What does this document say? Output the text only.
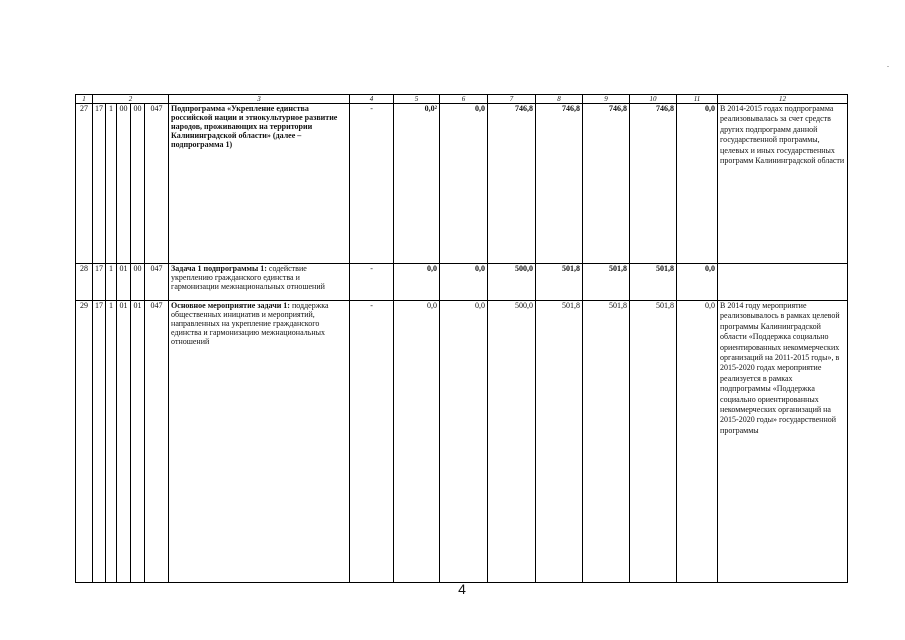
1	2					3	4	5	6	7	8	9	10	11	12
27	17	1	00	00	047	Подпрограмма «Укрепление единства российской нации и этнокультурное развитие народов, проживающих на территории Калининградской области» (далее – подпрограмма 1)	-	0,0²	0,0	746,8	746,8	746,8	746,8	0,0	В 2014-2015 годах подпрограмма реализовывалась за счет средств других подпрограмм данной государственной программы, целевых и иных государственных программ Калининградской области
28	17	1	01	00	047	Задача 1 подпрограммы 1: содействие укреплению гражданского единства и гармонизации межнациональных отношений	-	0,0	0,0	500,0	501,8	501,8	501,8	0,0	
29	17	1	01	01	047	Основное мероприятие задачи 1: поддержка общественных инициатив и мероприятий, направленных на укрепление гражданского единства и гармонизацию межнациональных отношений	-	0,0	0,0	500,0	501,8	501,8	501,8	0,0	В 2014 году мероприятие реализовывалось в рамках целевой программы Калининградской области «Поддержка социально ориентированных некоммерческих организаций на 2011-2015 годы», в 2015-2020 годах мероприятие реализуется в рамках подпрограммы «Поддержка социально ориентированных некоммерческих организаций на 2015-2020 годы» государственной программы
4
